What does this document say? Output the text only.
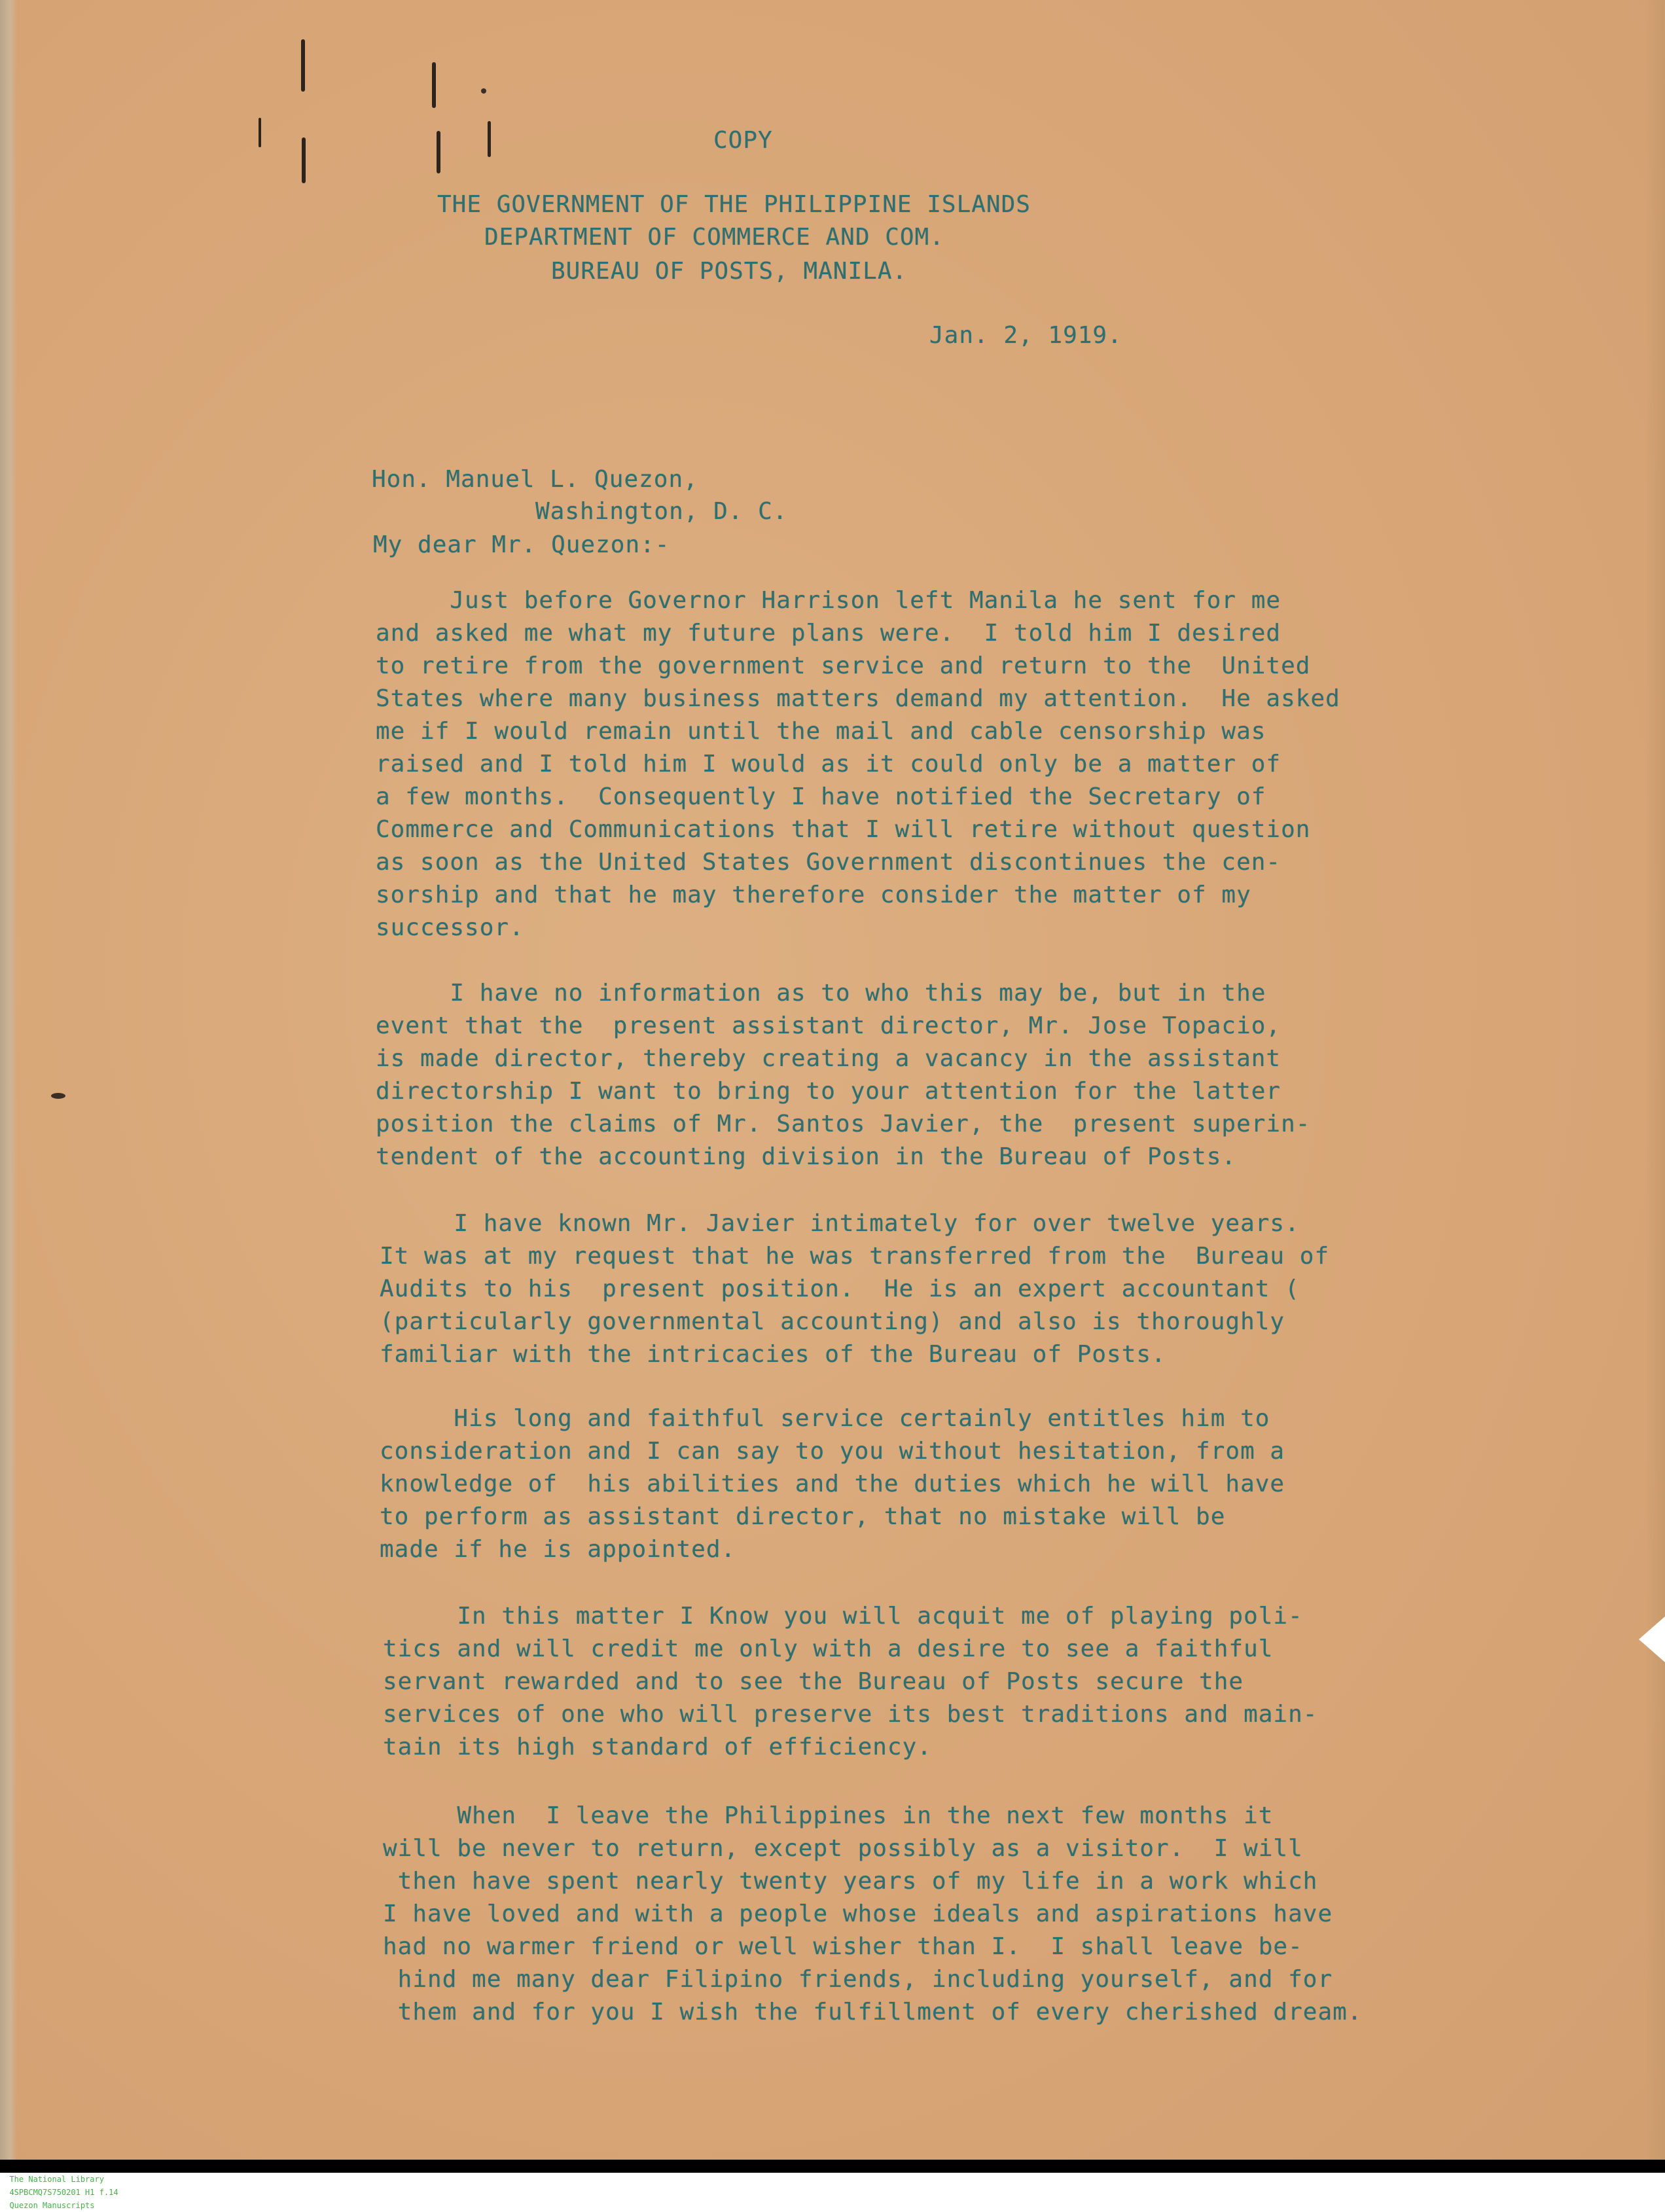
COPY
THE GOVERNMENT OF THE PHILIPPINE ISLANDS
DEPARTMENT OF COMMERCE AND COM.
BUREAU OF POSTS, MANILA.
Jan. 2, 1919.
Hon. Manuel L. Quezon,
Washington, D. C.
My dear Mr. Quezon:-
Just before Governor Harrison left Manila he sent for me
and asked me what my future plans were.  I told him I desired
to retire from the government service and return to the  United
States where many business matters demand my attention.  He asked
me if I would remain until the mail and cable censorship was
raised and I told him I would as it could only be a matter of
a few months.  Consequently I have notified the Secretary of
Commerce and Communications that I will retire without question
as soon as the United States Government discontinues the cen-
sorship and that he may therefore consider the matter of my
successor.
I have no information as to who this may be, but in the
event that the  present assistant director, Mr. Jose Topacio,
is made director, thereby creating a vacancy in the assistant
directorship I want to bring to your attention for the latter
position the claims of Mr. Santos Javier, the  present superin-
tendent of the accounting division in the Bureau of Posts.
I have known Mr. Javier intimately for over twelve years.
It was at my request that he was transferred from the  Bureau of
Audits to his  present position.  He is an expert accountant (
(particularly governmental accounting) and also is thoroughly
familiar with the intricacies of the Bureau of Posts.
His long and faithful service certainly entitles him to
consideration and I can say to you without hesitation, from a
knowledge of  his abilities and the duties which he will have
to perform as assistant director, that no mistake will be
made if he is appointed.
In this matter I Know you will acquit me of playing poli-
tics and will credit me only with a desire to see a faithful
servant rewarded and to see the Bureau of Posts secure the
services of one who will preserve its best traditions and main-
tain its high standard of efficiency.
When  I leave the Philippines in the next few months it
will be never to return, except possibly as a visitor.  I will
then have spent nearly twenty years of my life in a work which
I have loved and with a people whose ideals and aspirations have
had no warmer friend or well wisher than I.  I shall leave be-
hind me many dear Filipino friends, including yourself, and for
them and for you I wish the fulfillment of every cherished dream.

The National Library
4SPBCMQ7S750201 H1 f.14
Quezon Manuscripts
